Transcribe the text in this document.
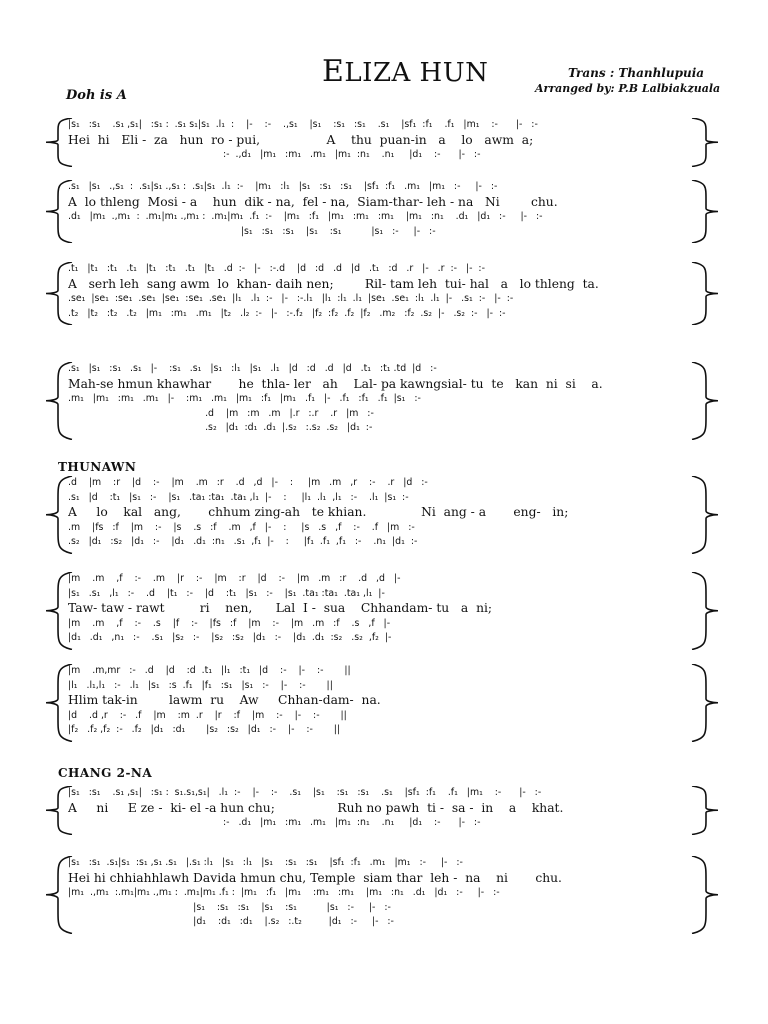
ELIZA HUN	Trans : Thanhlupuia
Arranged by: P.B Lalbiakzuala
Doh is A
THUNAWN
CHANG 2-NA
|s₁   :s₁    .s₁ ,s₁|   :s₁ :  .s₁ s₁|s₁  .l₁  :    |-    :-    .,s₁    |s₁    :s₁   :s₁    .s₁    |sf₁  :f₁    .f₁   |m₁    :-      |-   :-
Hei  hi   Eli -  za   hun  ro - pui,                 A    thu  puan-in   a    lo   awm  a;
:-  .,d₁   |m₁   :m₁   .m₁   |m₁  :n₁    .n₁     |d₁    :-      |-   :-
.s₁   |s₁   .,s₁  :  .s₁|s₁ .,s₁ :  .s₁|s₁  .l₁  :-    |m₁   :l₁   |s₁   :s₁   :s₁    |sf₁  :f₁   .m₁   |m₁   :-     |-   :-
A  lo thleng  Mosi - a    hun  dik - na,  fel - na,  Siam-thar- leh - na   Ni        chu.
.d₁   |m₁  .,m₁  :  .m₁|m₁ .,m₁ :  .m₁|m₁  .f₁  :-    |m₁   :f₁   |m₁   :m₁   :m₁    |m₁   :n₁    .d₁   |d₁   :-     |-   :-
|s₁   :s₁   :s₁    |s₁    :s₁          |s₁   :-     |-   :-
.t₁   |t₁   :t₁   .t₁   |t₁   :t₁   .t₁   |t₁   .d  :-   |-   :-.d    |d   :d   .d   |d   .t₁   :d   .r   |-   .r  :-   |-  :-
A   serh leh  sang awm  lo  khan- daih nen;        Ril- tam leh  tui- hal   a   lo thleng  ta.
.se₁  |se₁  :se₁  .se₁  |se₁  :se₁  .se₁  |l₁   .l₁  :-   |-   :-.l₁   |l₁  :l₁  .l₁  |se₁  .se₁  :l₁  .l₁  |-   .s₁  :-   |-  :-
.t₂   |t₂   :t₂   .t₂   |m₁   :m₁   .m₁   |t₂   .l₂  :-   |-   :-.f₂   |f₂  :f₂  .f₂  |f₂   .m₂   :f₂  .s₂  |-   .s₂  :-   |-  :-
.s₁   |s₁   :s₁   .s₁   |-    :s₁   .s₁   |s₁   :l₁   |s₁   .l₁   |d   :d   .d   |d   .t₁   :t₁ .td  |d   :-
Mah-se hmun khawhar       he  thla- ler   ah    Lal- pa kawngsial- tu  te   kan  ni  si    a.
.m₁   |m₁   :m₁   .m₁   |-    :m₁   .m₁   |m₁   :f₁   |m₁   .f₁   |-   .f₁   :f₁   .f₁  |s₁   :-
.d    |m   :m   .m   |.r   :.r    .r   |m   :-
.s₂   |d₁  :d₁  .d₁  |.s₂   :.s₂  .s₂   |d₁  :-
.d    |m    :r    |d    :-    |m    .m   :r    .d   ,d   |-    :     |m   .m   ,r    :-    .r   |d   :-
.s₁   |d    :t₁   |s₁   :-    |s₁   .ta₁ :ta₁  .ta₁ ,l₁  |-    :     |l₁  .l₁  ,l₁   :-    .l₁  |s₁  :-
A     lo    kal   ang,       chhum zing-ah   te khian.              Ni  ang - a       eng-   in;
.m    |fs   :f    |m    :-    |s    .s   :f    .m   ,f   |-    :     |s   .s   ,f    :-    .f   |m   :-
.s₂   |d₁   :s₂   |d₁   :-    |d₁   .d₁  :n₁   .s₁  ,f₁  |-    :     |f₁  .f₁  ,f₁   :-    .n₁  |d₁  :-
|m    .m    ,f    :-    .m    |r    :-    |m    :r    |d    :-    |m   .m   :r    .d   ,d   |-
|s₁   .s₁   ,l₁   :-    .d    |t₁   :-    |d    :t₁   |s₁   :-    |s₁  .ta₁ :ta₁  .ta₁ ,l₁  |-
Taw- taw - rawt         ri    nen,      Lal  I -  sua    Chhandam- tu   a  ni;
|m    .m    ,f    :-    .s    |f    :-    |fs   :f    |m    :-    |m   .m   :f    .s   ,f   |-
|d₁   .d₁   ,n₁   :-    .s₁   |s₂   :-    |s₂   :s₂   |d₁   :-    |d₁  .d₁  :s₂   .s₂  ,f₂  |-
|m    .m,mr   :-   .d    |d    :d  .t₁   |l₁   :t₁   |d    :-    |-    :-       ||
|l₁   .l₁,l₁   :-   .l₁   |s₁   :s  .f₁   |f₁   :s₁   |s₁   :-    |-    :-       ||
Hlim tak-in        lawm  ru    Aw     Chhan-dam-  na.
|d    .d ,r    :-   .f    |m    :m  .r    |r    :f    |m    :-    |-    :-       ||
|f₂   .f₂ ,f₂  :-   .f₂   |d₁   :d₁       |s₂   :s₂   |d₁   :-    |-    :-       ||
|s₁   :s₁    .s₁ ,s₁|   :s₁ :  s₁.s₁,s₁|   .l₁  :-    |-    :-    .s₁    |s₁    :s₁   :s₁    .s₁    |sf₁  :f₁    .f₁   |m₁    :-      |-   :-
A     ni     E ze -  ki- el -a hun chu;                Ruh no pawh  ti -  sa -  in    a    khat.
:-   .d₁   |m₁   :m₁   .m₁   |m₁  :n₁    .n₁     |d₁    :-      |-   :-
|s₁   :s₁  .s₁|s₁  :s₁ ,s₁ .s₁   |.s₁ :l₁   |s₁   :l₁   |s₁    :s₁   :s₁    |sf₁  :f₁   .m₁   |m₁   :-     |-   :-
Hei hi chhiahhlawh Davida hmun chu, Temple  siam thar  leh -  na    ni       chu.
|m₁  .,m₁  :.m₁|m₁ .,m₁ :  .m₁|m₁ .f₁ :  |m₁   :f₁   |m₁    :m₁   :m₁    |m₁   :n₁   .d₁   |d₁   :-     |-   :-
|s₁    :s₁   :s₁    |s₁    :s₁          |s₁   :-     |-   :-
|d₁    :d₁   :d₁    |.s₂   :.t₂         |d₁   :-     |-   :-
